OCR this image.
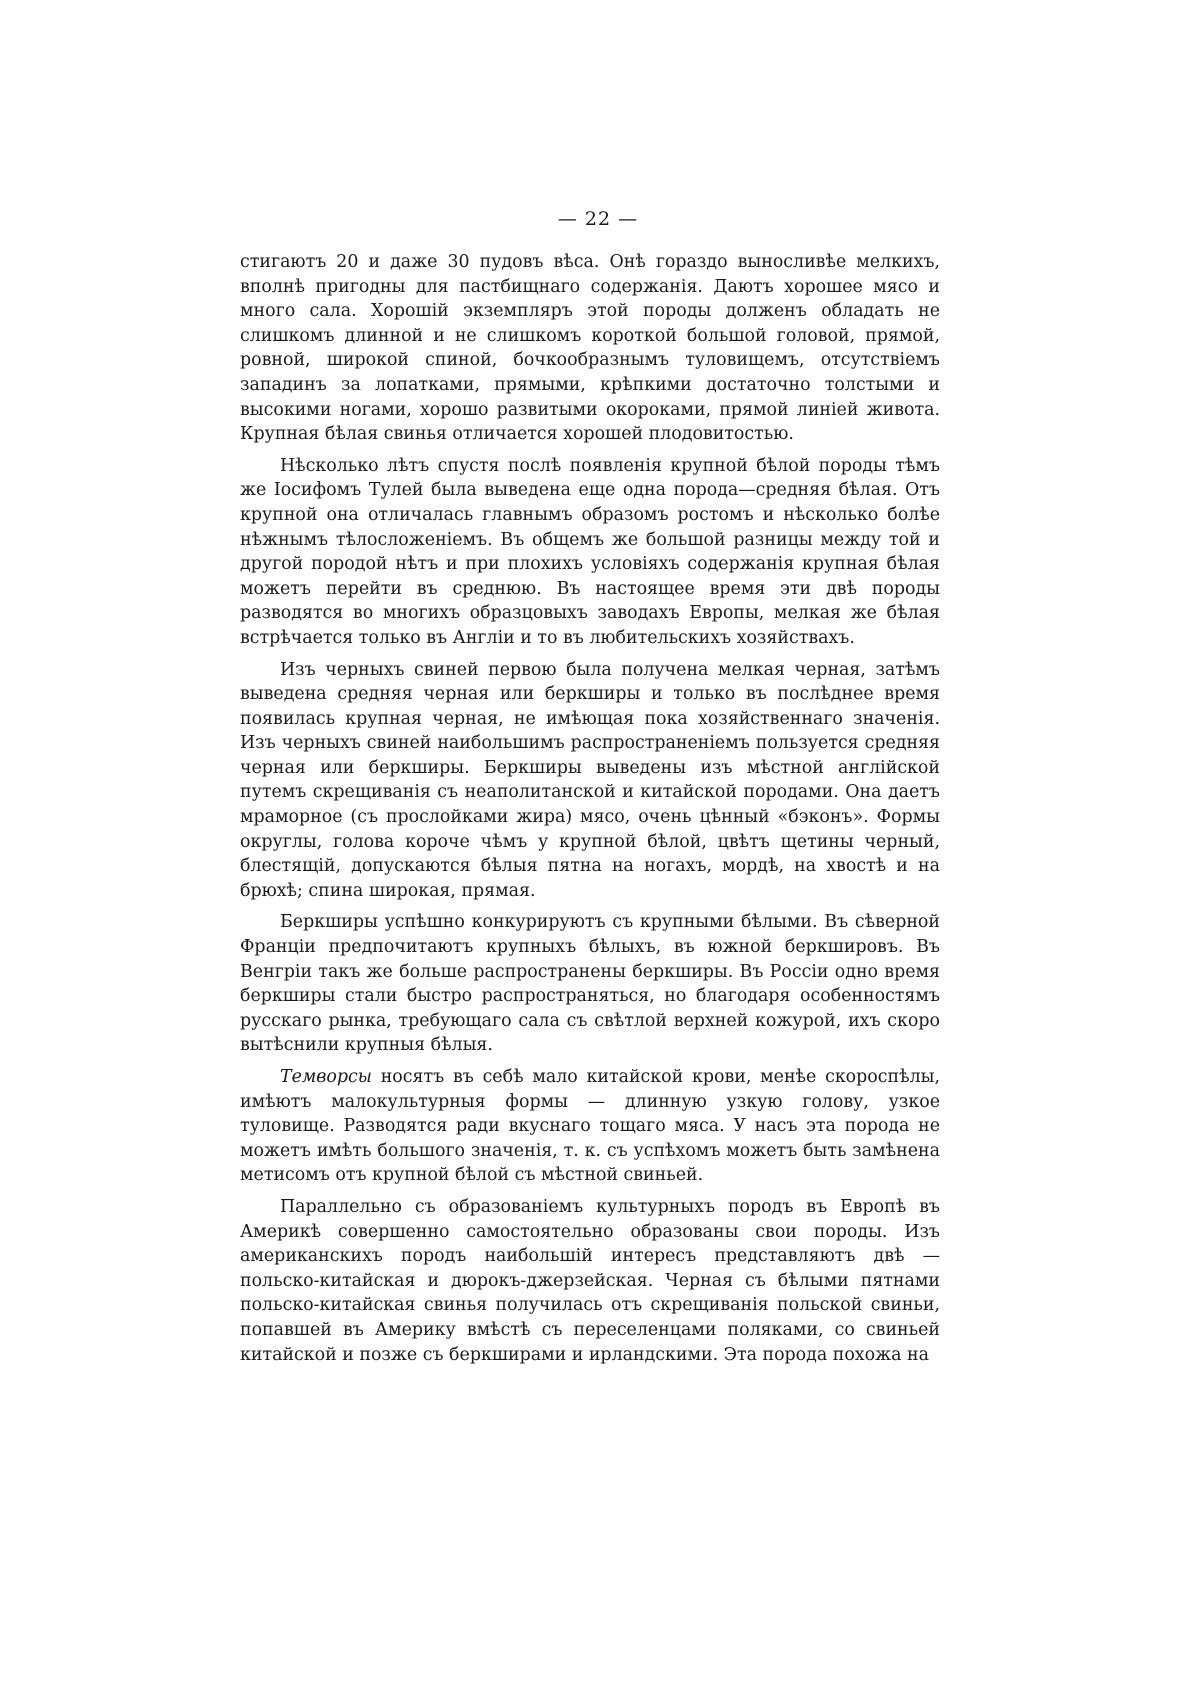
— 22 —

стигаютъ 20 и даже 30 пудовъ вѣса. Онѣ гораздо выносливѣе мелкихъ, вполнѣ пригодны для пастбищнаго содержанія. Даютъ хорошее мясо и много сала. Хорошій экземпляръ этой породы долженъ обладать не слишкомъ длинной и не слишкомъ короткой большой головой, прямой, ровной, широкой спиной, бочкообразнымъ туловищемъ, отсутствіемъ западинъ за лопатками, прямыми, крѣпкими достаточно толстыми и высокими ногами, хорошо развитыми окороками, прямой линіей живота. Крупная бѣлая свинья отличается хорошей плодовитостью.

Нѣсколько лѣтъ спустя послѣ появленія крупной бѣлой породы тѣмъ же Іосифомъ Тулей была выведена еще одна порода—средняя бѣлая. Отъ крупной она отличалась главнымъ образомъ ростомъ и нѣсколько болѣе нѣжнымъ тѣлосложеніемъ. Въ общемъ же большой разницы между той и другой породой нѣтъ и при плохихъ условіяхъ содержанія крупная бѣлая можетъ перейти въ среднюю. Въ настоящее время эти двѣ породы разводятся во многихъ образцовыхъ заводахъ Европы, мелкая же бѣлая встрѣчается только въ Англіи и то въ любительскихъ хозяйствахъ.

Изъ черныхъ свиней первою была получена мелкая черная, затѣмъ выведена средняя черная или беркширы и только въ послѣднее время появилась крупная черная, не имѣющая пока хозяйственнаго значенія. Изъ черныхъ свиней наибольшимъ распространеніемъ пользуется средняя черная или беркширы. Беркширы выведены изъ мѣстной англійской путемъ скрещиванія съ неаполитанской и китайской породами. Она даетъ мраморное (съ прослойками жира) мясо, очень цѣнный «бэконъ». Формы округлы, голова короче чѣмъ у крупной бѣлой, цвѣтъ щетины черный, блестящій, допускаются бѣлыя пятна на ногахъ, мордѣ, на хвостѣ и на брюхѣ; спина широкая, прямая.

Беркширы успѣшно конкурируютъ съ крупными бѣлыми. Въ сѣверной Франціи предпочитаютъ крупныхъ бѣлыхъ, въ южной беркшировъ. Въ Венгріи такъ же больше распространены беркширы. Въ Россіи одно время беркширы стали быстро распространяться, но благодаря особенностямъ русскаго рынка, требующаго сала съ свѣтлой верхней кожурой, ихъ скоро вытѣснили крупныя бѣлыя.

Темворсы носятъ въ себѣ мало китайской крови, менѣе скороспѣлы, имѣютъ малокультурныя формы — длинную узкую голову, узкое туловище. Разводятся ради вкуснаго тощаго мяса. У насъ эта порода не можетъ имѣть большого значенія, т. к. съ успѣхомъ можетъ быть замѣнена метисомъ отъ крупной бѣлой съ мѣстной свиньей.

Параллельно съ образованіемъ культурныхъ породъ въ Европѣ въ Америкѣ совершенно самостоятельно образованы свои породы. Изъ американскихъ породъ наибольшій интересъ представляютъ двѣ — польско-китайская и дюрокъ-джерзейская. Черная съ бѣлыми пятнами польско-китайская свинья получилась отъ скрещиванія польской свиньи, попавшей въ Америку вмѣстѣ съ переселенцами поляками, со свиньей китайской и позже съ беркширами и ирландскими. Эта порода похожа на
